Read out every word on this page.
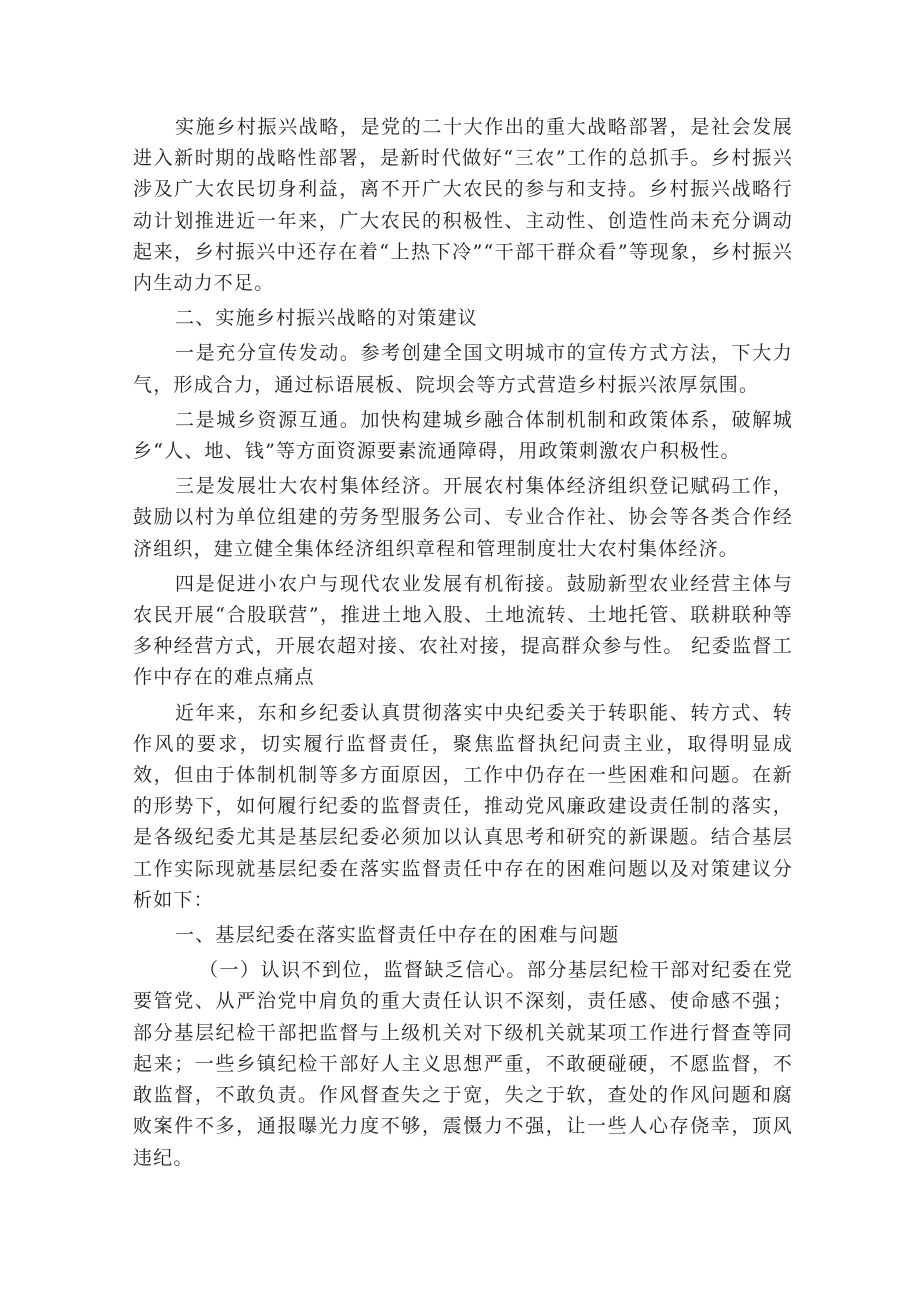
实施乡村振兴战略，是党的二十大作出的重大战略部署，是社会发展进入新时期的战略性部署，是新时代做好“三农”工作的总抓手。乡村振兴涉及广大农民切身利益，离不开广大农民的参与和支持。乡村振兴战略行动计划推进近一年来，广大农民的积极性、主动性、创造性尚未充分调动起来，乡村振兴中还存在着“上热下冷”“干部干群众看”等现象，乡村振兴内生动力不足。

二、实施乡村振兴战略的对策建议

一是充分宣传发动。参考创建全国文明城市的宣传方式方法，下大力气，形成合力，通过标语展板、院坝会等方式营造乡村振兴浓厚氛围。

二是城乡资源互通。加快构建城乡融合体制机制和政策体系，破解城乡“人、地、钱”等方面资源要素流通障碍，用政策刺激农户积极性。

三是发展壮大农村集体经济。开展农村集体经济组织登记赋码工作，鼓励以村为单位组建的劳务型服务公司、专业合作社、协会等各类合作经济组织，建立健全集体经济组织章程和管理制度壮大农村集体经济。

四是促进小农户与现代农业发展有机衔接。鼓励新型农业经营主体与农民开展“合股联营”，推进土地入股、土地流转、土地托管、联耕联种等多种经营方式，开展农超对接、农社对接，提高群众参与性。 纪委监督工作中存在的难点痛点

近年来，东和乡纪委认真贯彻落实中央纪委关于转职能、转方式、转作风的要求，切实履行监督责任，聚焦监督执纪问责主业，取得明显成效，但由于体制机制等多方面原因，工作中仍存在一些困难和问题。在新的形势下，如何履行纪委的监督责任，推动党风廉政建设责任制的落实，是各级纪委尤其是基层纪委必须加以认真思考和研究的新课题。结合基层工作实际现就基层纪委在落实监督责任中存在的困难问题以及对策建议分析如下：

一、基层纪委在落实监督责任中存在的困难与问题

（一）认识不到位，监督缺乏信心。部分基层纪检干部对纪委在党要管党、从严治党中肩负的重大责任认识不深刻，责任感、使命感不强；部分基层纪检干部把监督与上级机关对下级机关就某项工作进行督查等同起来；一些乡镇纪检干部好人主义思想严重，不敢硬碰硬，不愿监督，不敢监督，不敢负责。作风督查失之于宽，失之于软，查处的作风问题和腐败案件不多，通报曝光力度不够，震慑力不强，让一些人心存侥幸，顶风违纪。
